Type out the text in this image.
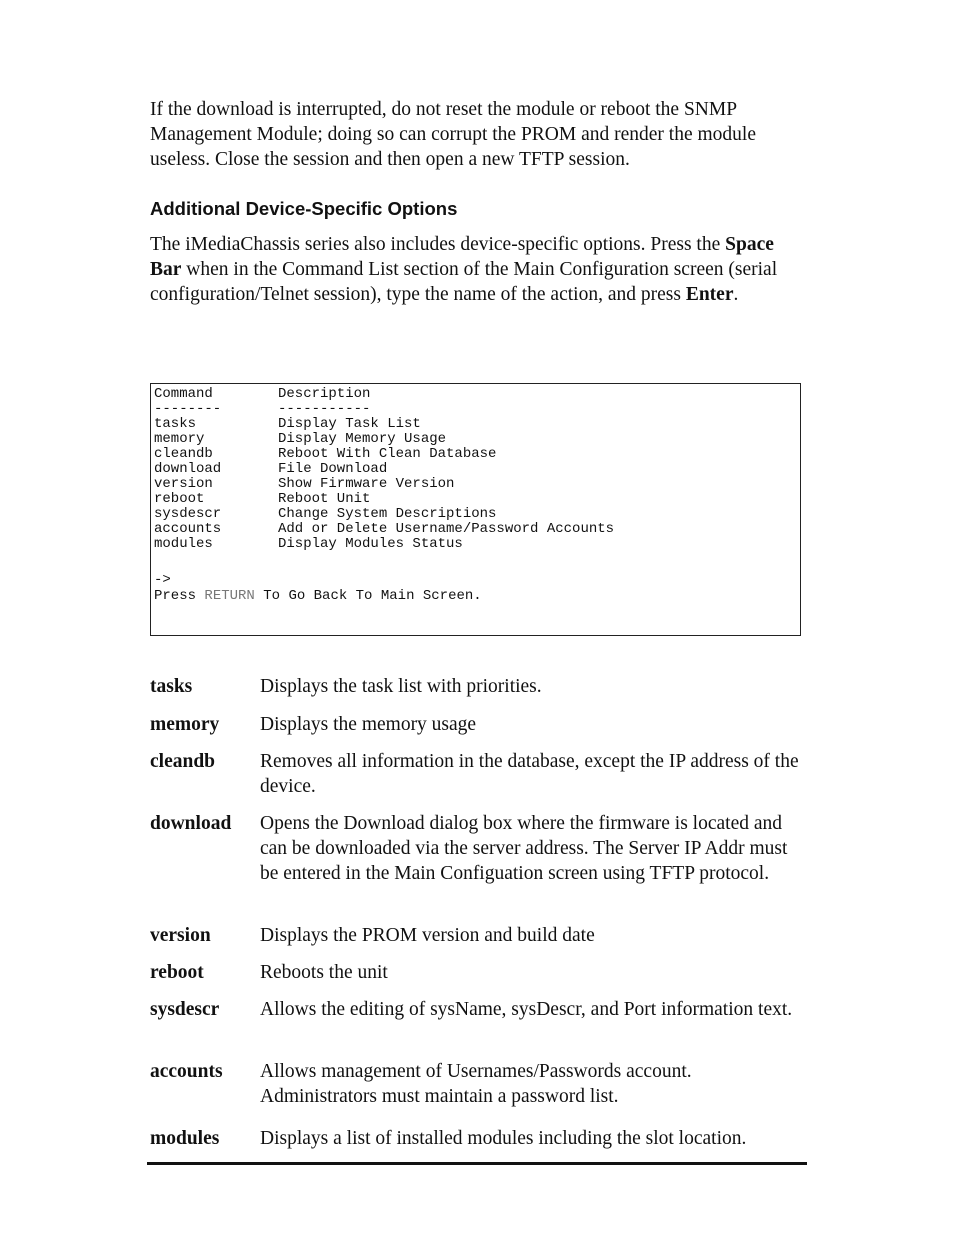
If the download is interrupted, do not reset the module or reboot the SNMP Management Module; doing so can corrupt the PROM and render the module useless. Close the session and then open a new TFTP session.

Additional Device-Specific Options

The iMediaChassis series also includes device-specific options. Press the Space Bar when in the Command List section of the Main Configuration screen (serial configuration/Telnet session), type the name of the action, and press Enter.

Command	Description
--------	-----------
tasks	Display Task List
memory	Display Memory Usage
cleandb	Reboot With Clean Database
download	File Download
version	Show Firmware Version
reboot	Reboot Unit
sysdescr	Change System Descriptions
accounts	Add or Delete Username/Password Accounts
modules	Display Modules Status
->
Press RETURN To Go Back To Main Screen.
tasks	Displays the task list with priorities.
memory Displays the memory usage
cleandb Removes all information in the database, except the IP address of the device.
download Opens the Download dialog box where the firmware is located and can be downloaded via the server address. The Server IP Addr must be entered in the Main Configuation screen using TFTP protocol.
version	Displays the PROM version and build date
reboot	Reboots the unit
sysdescr Allows the editing of sysName, sysDescr, and Port information text.
accounts Allows management of Usernames/Passwords account. Administrators must maintain a password list.
modules Displays a list of installed modules including the slot location.
